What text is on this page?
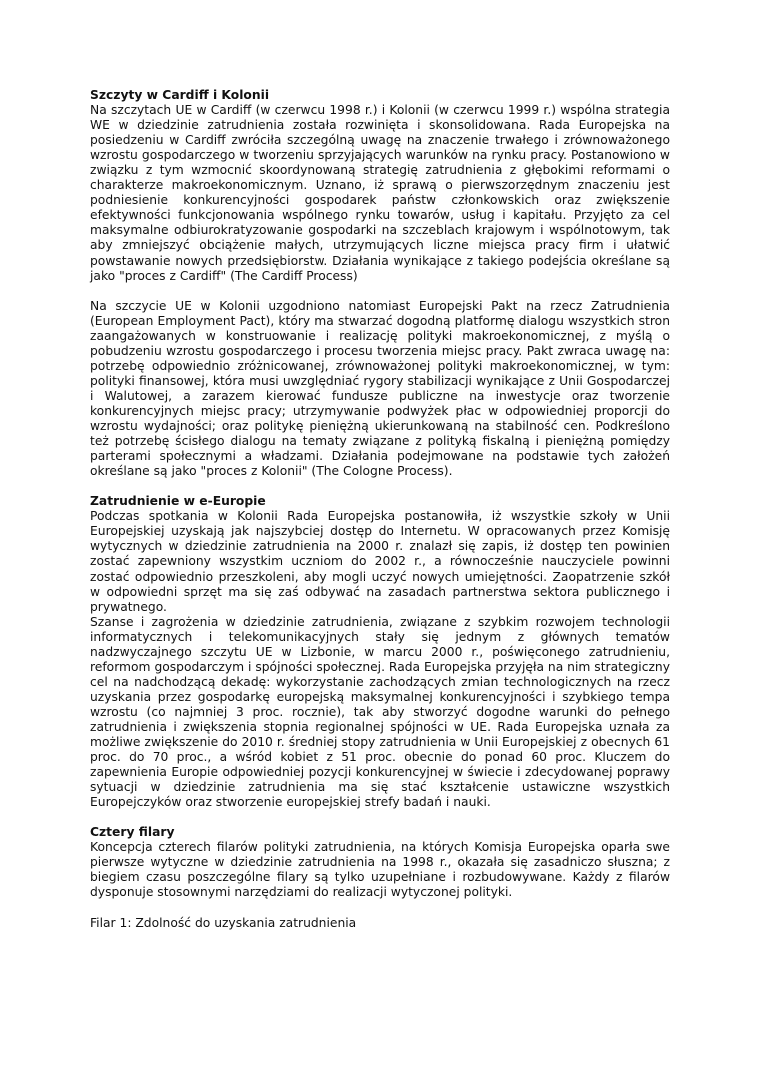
Szczyty w Cardiff i Kolonii

Na szczytach UE w Cardiff (w czerwcu 1998 r.) i Kolonii (w czerwcu 1999 r.) wspólna strategia WE w dziedzinie zatrudnienia została rozwinięta i skonsolidowana. Rada Europejska na posiedzeniu w Cardiff zwróciła szczególną uwagę na znaczenie trwałego i zrównoważonego wzrostu gospodarczego w tworzeniu sprzyjających warunków na rynku pracy. Postanowiono w związku z tym wzmocnić skoordynowaną strategię zatrudnienia z głębokimi reformami o charakterze makroekonomicznym. Uznano, iż sprawą o pierwszorzędnym znaczeniu jest podniesienie konkurencyjności gospodarek państw członkowskich oraz zwiększenie efektywności funkcjonowania wspólnego rynku towarów, usług i kapitału. Przyjęto za cel maksymalne odbiurokratyzowanie gospodarki na szczeblach krajowym i wspólnotowym, tak aby zmniejszyć obciążenie małych, utrzymujących liczne miejsca pracy firm i ułatwić powstawanie nowych przedsiębiorstw. Działania wynikające z takiego podejścia określane są jako "proces z Cardiff" (The Cardiff Process)

Na szczycie UE w Kolonii uzgodniono natomiast Europejski Pakt na rzecz Zatrudnienia (European Employment Pact), który ma stwarzać dogodną platformę dialogu wszystkich stron zaangażowanych w konstruowanie i realizację polityki makroekonomicznej, z myślą o pobudzeniu wzrostu gospodarczego i procesu tworzenia miejsc pracy. Pakt zwraca uwagę na: potrzebę odpowiednio zróżnicowanej, zrównoważonej polityki makroekonomicznej, w tym: polityki finansowej, która musi uwzględniać rygory stabilizacji wynikające z Unii Gospodarczej i Walutowej, a zarazem kierować fundusze publiczne na inwestycje oraz tworzenie konkurencyjnych miejsc pracy; utrzymywanie podwyżek płac w odpowiedniej proporcji do wzrostu wydajności; oraz politykę pieniężną ukierunkowaną na stabilność cen. Podkreślono też potrzebę ścisłego dialogu na tematy związane z polityką fiskalną i pieniężną pomiędzy parterami społecznymi a władzami. Działania podejmowane na podstawie tych założeń określane są jako "proces z Kolonii" (The Cologne Process).

Zatrudnienie w e-Europie

Podczas spotkania w Kolonii Rada Europejska postanowiła, iż wszystkie szkoły w Unii Europejskiej uzyskają jak najszybciej dostęp do Internetu. W opracowanych przez Komisję wytycznych w dziedzinie zatrudnienia na 2000 r. znalazł się zapis, iż dostęp ten powinien zostać zapewniony wszystkim uczniom do 2002 r., a równocześnie nauczyciele powinni zostać odpowiednio przeszkoleni, aby mogli uczyć nowych umiejętności. Zaopatrzenie szkół w odpowiedni sprzęt ma się zaś odbywać na zasadach partnerstwa sektora publicznego i prywatnego.

Szanse i zagrożenia w dziedzinie zatrudnienia, związane z szybkim rozwojem technologii informatycznych i telekomunikacyjnych stały się jednym z głównych tematów nadzwyczajnego szczytu UE w Lizbonie, w marcu 2000 r., poświęconego zatrudnieniu, reformom gospodarczym i spójności społecznej. Rada Europejska przyjęła na nim strategiczny cel na nadchodzącą dekadę: wykorzystanie zachodzących zmian technologicznych na rzecz uzyskania przez gospodarkę europejską maksymalnej konkurencyjności i szybkiego tempa wzrostu (co najmniej 3 proc. rocznie), tak aby stworzyć dogodne warunki do pełnego zatrudnienia i zwiększenia stopnia regionalnej spójności w UE. Rada Europejska uznała za możliwe zwiększenie do 2010 r. średniej stopy zatrudnienia w Unii Europejskiej z obecnych 61 proc. do 70 proc., a wśród kobiet z 51 proc. obecnie do ponad 60 proc. Kluczem do zapewnienia Europie odpowiedniej pozycji konkurencyjnej w świecie i zdecydowanej poprawy sytuacji w dziedzinie zatrudnienia ma się stać kształcenie ustawiczne wszystkich Europejczyków oraz stworzenie europejskiej strefy badań i nauki.

Cztery filary

Koncepcja czterech filarów polityki zatrudnienia, na których Komisja Europejska oparła swe pierwsze wytyczne w dziedzinie zatrudnienia na 1998 r., okazała się zasadniczo słuszna; z biegiem czasu poszczególne filary są tylko uzupełniane i rozbudowywane. Każdy z filarów dysponuje stosownymi narzędziami do realizacji wytyczonej polityki.

Filar 1: Zdolność do uzyskania zatrudnienia
